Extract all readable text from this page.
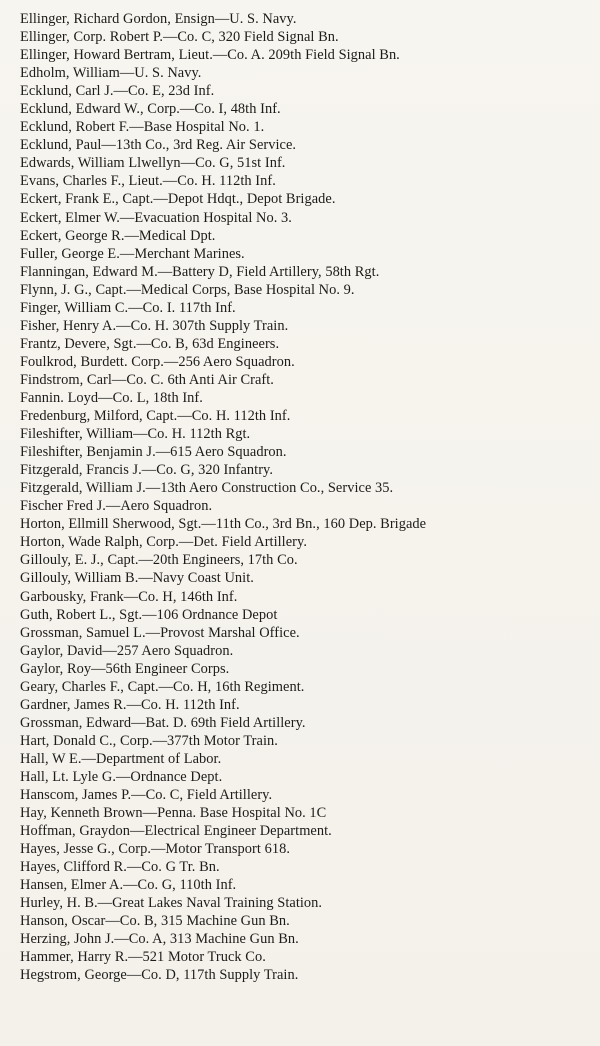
Ellinger, Richard Gordon, Ensign—U. S. Navy.
Ellinger, Corp. Robert P.—Co. C, 320 Field Signal Bn.
Ellinger, Howard Bertram, Lieut.—Co. A. 209th Field Signal Bn.
Edholm, William—U. S. Navy.
Ecklund, Carl J.—Co. E, 23d Inf.
Ecklund, Edward W., Corp.—Co. I, 48th Inf.
Ecklund, Robert F.—Base Hospital No. 1.
Ecklund, Paul—13th Co., 3rd Reg. Air Service.
Edwards, William Llwellyn—Co. G, 51st Inf.
Evans, Charles F., Lieut.—Co. H. 112th Inf.
Eckert, Frank E., Capt.—Depot Hdqt., Depot Brigade.
Eckert, Elmer W.—Evacuation Hospital No. 3.
Eckert, George R.—Medical Dpt.
Fuller, George E.—Merchant Marines.
Flanningan, Edward M.—Battery D, Field Artillery, 58th Rgt.
Flynn, J. G., Capt.—Medical Corps, Base Hospital No. 9.
Finger, William C.—Co. I. 117th Inf.
Fisher, Henry A.—Co. H. 307th Supply Train.
Frantz, Devere, Sgt.—Co. B, 63d Engineers.
Foulkrod, Burdett. Corp.—256 Aero Squadron.
Findstrom, Carl—Co. C. 6th Anti Air Craft.
Fannin. Loyd—Co. L, 18th Inf.
Fredenburg, Milford, Capt.—Co. H. 112th Inf.
Fileshifter, William—Co. H. 112th Rgt.
Fileshifter, Benjamin J.—615 Aero Squadron.
Fitzgerald, Francis J.—Co. G, 320 Infantry.
Fitzgerald, William J.—13th Aero Construction Co., Service 35.
Fischer Fred J.—Aero Squadron.
Horton, Ellmill Sherwood, Sgt.—11th Co., 3rd Bn., 160 Dep. Brigade
Horton, Wade Ralph, Corp.—Det. Field Artillery.
Gillouly, E. J., Capt.—20th Engineers, 17th Co.
Gillouly, William B.—Navy Coast Unit.
Garbousky, Frank—Co. H, 146th Inf.
Guth, Robert L., Sgt.—106 Ordnance Depot
Grossman, Samuel L.—Provost Marshal Office.
Gaylor, David—257 Aero Squadron.
Gaylor, Roy—56th Engineer Corps.
Geary, Charles F., Capt.—Co. H, 16th Regiment.
Gardner, James R.—Co. H. 112th Inf.
Grossman, Edward—Bat. D. 69th Field Artillery.
Hart, Donald C., Corp.—377th Motor Train.
Hall, W E.—Department of Labor.
Hall, Lt. Lyle G.—Ordnance Dept.
Hanscom, James P.—Co. C, Field Artillery.
Hay, Kenneth Brown—Penna. Base Hospital No. 1C
Hoffman, Graydon—Electrical Engineer Department.
Hayes, Jesse G., Corp.—Motor Transport 618.
Hayes, Clifford R.—Co. G Tr. Bn.
Hansen, Elmer A.—Co. G, 110th Inf.
Hurley, H. B.—Great Lakes Naval Training Station.
Hanson, Oscar—Co. B, 315 Machine Gun Bn.
Herzing, John J.—Co. A, 313 Machine Gun Bn.
Hammer, Harry R.—521 Motor Truck Co.
Hegstrom, George—Co. D, 117th Supply Train.
